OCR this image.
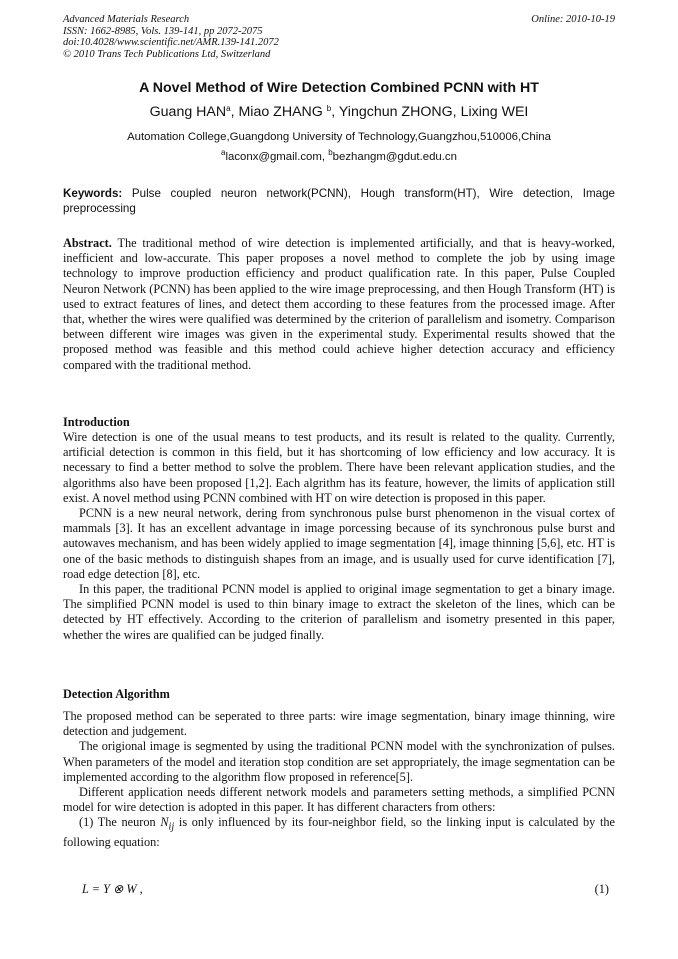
Advanced Materials Research
ISSN: 1662-8985, Vols. 139-141, pp 2072-2075
doi:10.4028/www.scientific.net/AMR.139-141.2072
© 2010 Trans Tech Publications Ltd, Switzerland
Online: 2010-10-19
A Novel Method of Wire Detection Combined PCNN with HT
Guang HAN$^a$, Miao ZHANG $^b$, Yingchun ZHONG, Lixing WEI
Automation College,Guangdong University of Technology,Guangzhou,510006,China
$^a$laconx@gmail.com, $^b$bezhangm@gdut.edu.cn
Keywords: Pulse coupled neuron network(PCNN), Hough transform(HT), Wire detection, Image preprocessing

Abstract. The traditional method of wire detection is implemented artificially, and that is heavy-worked, inefficient and low-accurate. This paper proposes a novel method to complete the job by using image technology to improve production efficiency and product qualification rate. In this paper, Pulse Coupled Neuron Network (PCNN) has been applied to the wire image preprocessing, and then Hough Transform (HT) is used to extract features of lines, and detect them according to these features from the processed image. After that, whether the wires were qualified was determined by the criterion of parallelism and isometry. Comparison between different wire images was given in the experimental study. Experimental results showed that the proposed method was feasible and this method could achieve higher detection accuracy and efficiency compared with the traditional method.

Introduction

Wire detection is one of the usual means to test products, and its result is related to the quality. Currently, artificial detection is common in this field, but it has shortcoming of low efficiency and low accuracy. It is necessary to find a better method to solve the problem. There have been relevant application studies, and the algorithms also have been proposed [1,2]. Each algrithm has its feature, however, the limits of application still exist. A novel method using PCNN combined with HT on wire detection is proposed in this paper.

PCNN is a new neural network, dering from synchronous pulse burst phenomenon in the visual cortex of mammals [3]. It has an excellent advantage in image porcessing because of its synchronous pulse burst and autowaves mechanism, and has been widely applied to image segmentation [4], image thinning [5,6], etc. HT is one of the basic methods to distinguish shapes from an image, and is usually used for curve identification [7], road edge detection [8], etc.

In this paper, the traditional PCNN model is applied to original image segmentation to get a binary image. The simplified PCNN model is used to thin binary image to extract the skeleton of the lines, which can be detected by HT effectively. According to the criterion of parallelism and isometry presented in this paper, whether the wires are qualified can be judged finally.

Detection Algorithm

The proposed method can be seperated to three parts: wire image segmentation, binary image thinning, wire detection and judgement.

The origional image is segmented by using the traditional PCNN model with the synchronization of pulses. When parameters of the model and iteration stop condition are set appropriately, the image segmentation can be implemented according to the algorithm flow proposed in reference[5].

Different application needs different network models and parameters setting methods, a simplified PCNN model for wire detection is adopted in this paper. It has different characters from others:

(1) The neuron $N_{ij}$ is only influenced by its four-neighbor field, so the linking input is calculated by the following equation:

L = Y ⊗ W ,	(1)
